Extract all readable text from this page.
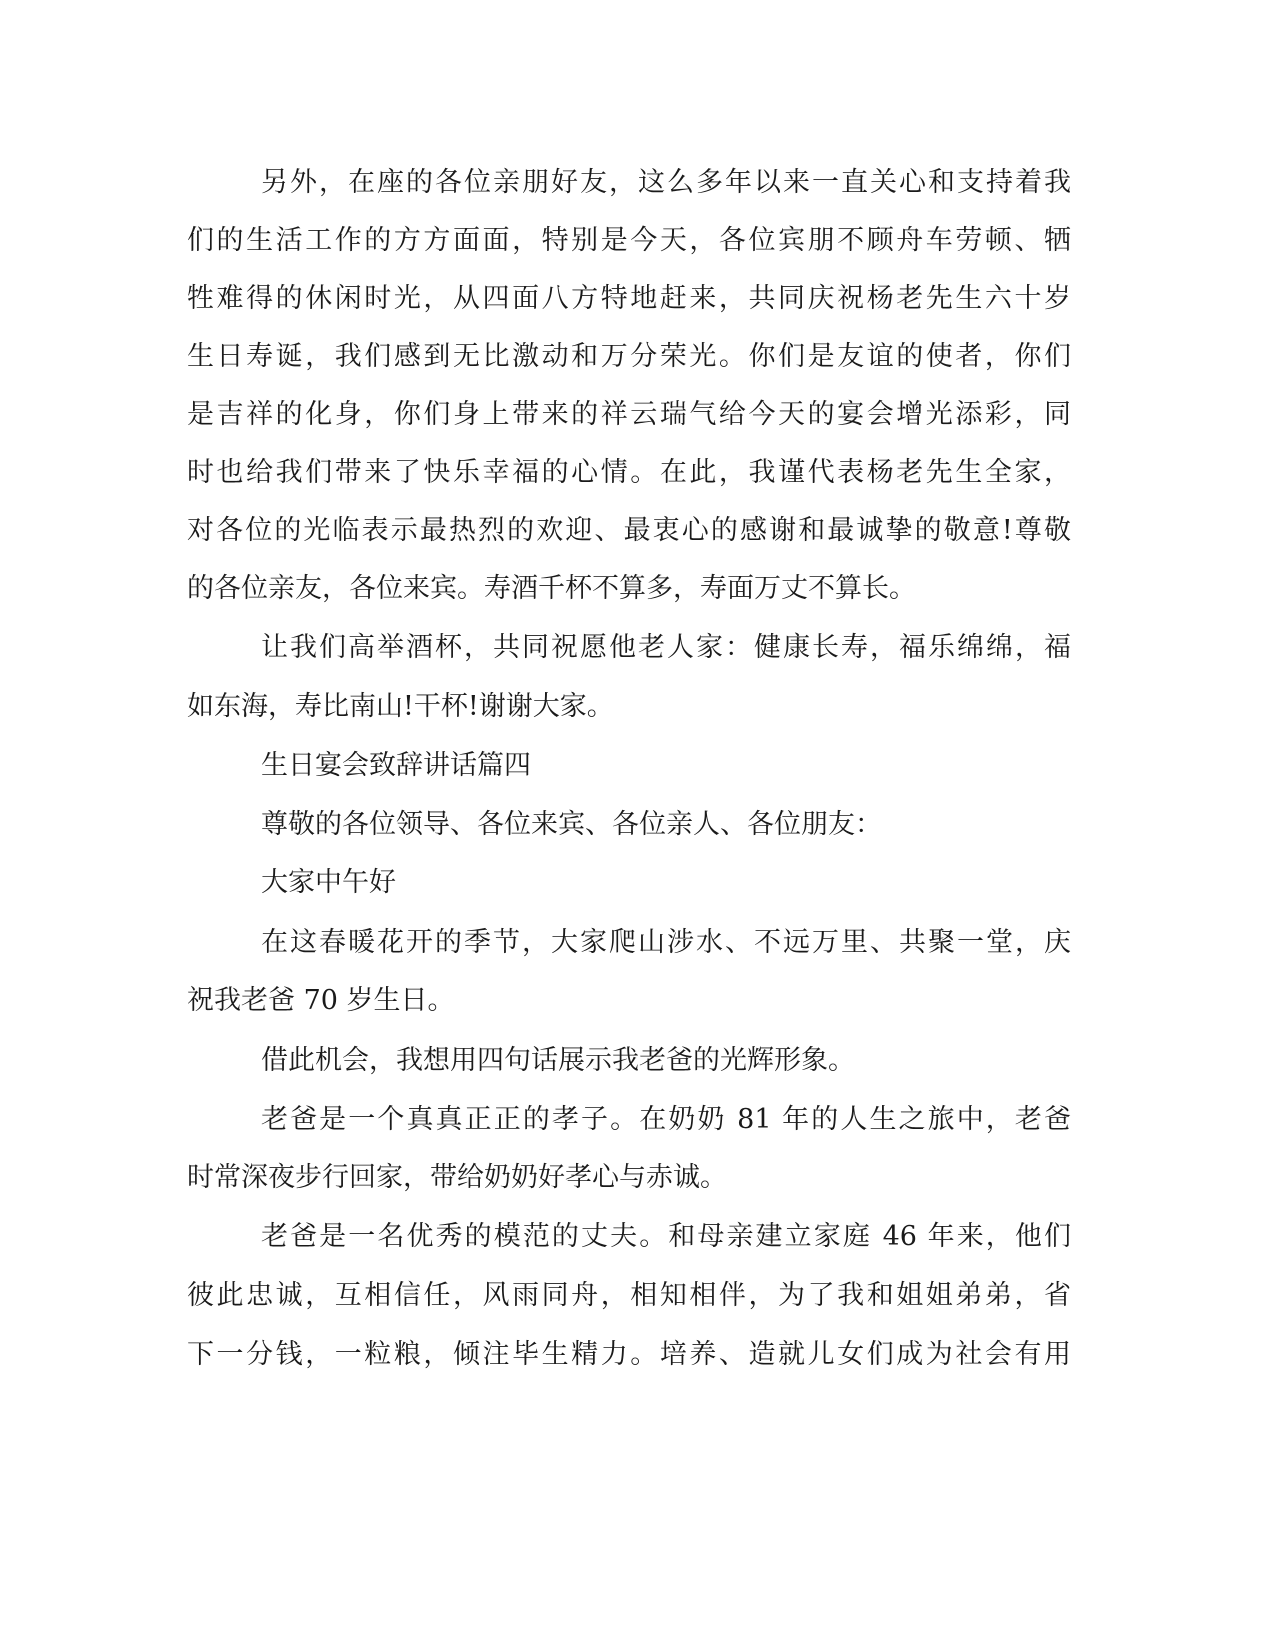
另外，在座的各位亲朋好友，这么多年以来一直关心和支持着我
们的生活工作的方方面面，特别是今天，各位宾朋不顾舟车劳顿、牺
牲难得的休闲时光，从四面八方特地赶来，共同庆祝杨老先生六十岁
生日寿诞，我们感到无比激动和万分荣光。你们是友谊的使者，你们
是吉祥的化身，你们身上带来的祥云瑞气给今天的宴会增光添彩，同
时也给我们带来了快乐幸福的心情。在此，我谨代表杨老先生全家，
对各位的光临表示最热烈的欢迎、最衷心的感谢和最诚挚的敬意!尊敬
的各位亲友，各位来宾。寿酒千杯不算多，寿面万丈不算长。
让我们高举酒杯，共同祝愿他老人家：健康长寿，福乐绵绵，福
如东海，寿比南山!干杯!谢谢大家。
生日宴会致辞讲话篇四
尊敬的各位领导、各位来宾、各位亲人、各位朋友：
大家中午好
在这春暖花开的季节，大家爬山涉水、不远万里、共聚一堂，庆
祝我老爸 70 岁生日。
借此机会，我想用四句话展示我老爸的光辉形象。
老爸是一个真真正正的孝子。在奶奶 81 年的人生之旅中，老爸
时常深夜步行回家，带给奶奶好孝心与赤诚。
老爸是一名优秀的模范的丈夫。和母亲建立家庭 46 年来，他们
彼此忠诚，互相信任，风雨同舟，相知相伴，为了我和姐姐弟弟，省
下一分钱，一粒粮，倾注毕生精力。培养、造就儿女们成为社会有用
